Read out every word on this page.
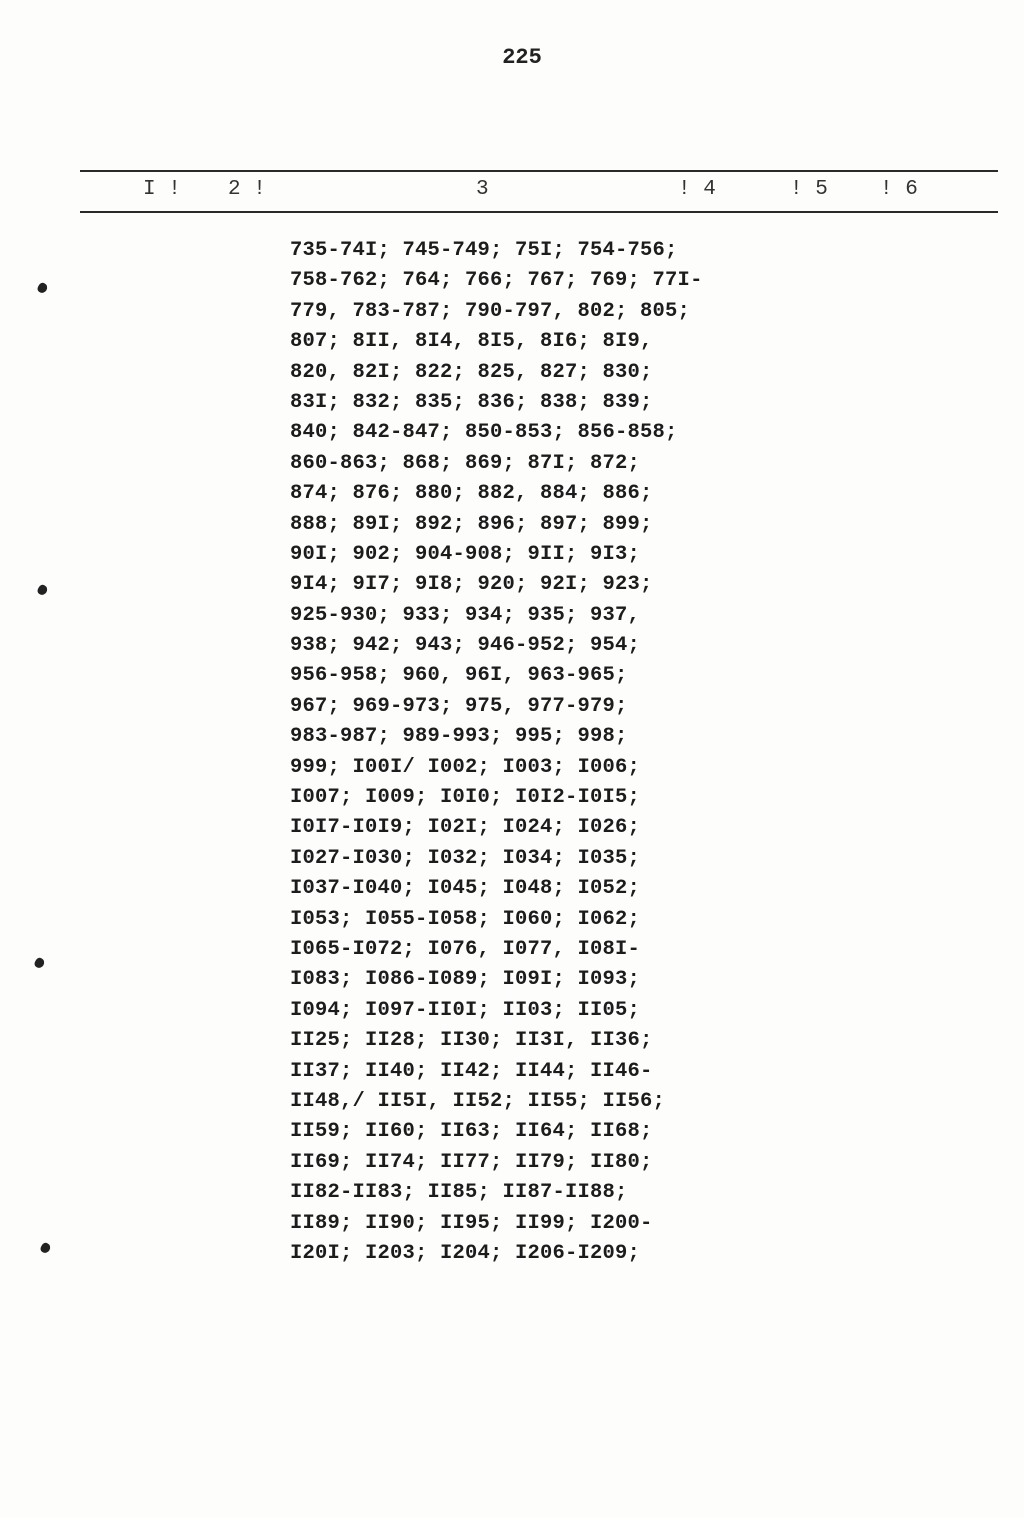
225
I ! 2 !	3	! 4	! 5 ! 6
735-74I; 745-749; 75I; 754-756;
758-762; 764; 766; 767; 769; 77I-
779, 783-787; 790-797, 802; 805;
807; 8II, 8I4, 8I5, 8I6; 8I9,
820, 82I; 822; 825, 827; 830;
83I; 832; 835; 836; 838; 839;
840; 842-847; 850-853; 856-858;
860-863; 868; 869; 87I; 872;
874; 876; 880; 882, 884; 886;
888; 89I; 892; 896; 897; 899;
90I; 902; 904-908; 9II; 9I3;
9I4; 9I7; 9I8; 920; 92I; 923;
925-930; 933; 934; 935; 937,
938; 942; 943; 946-952; 954;
956-958; 960, 96I, 963-965;
967; 969-973; 975, 977-979;
983-987; 989-993; 995; 998;
999; I00I/ I002; I003; I006;
I007; I009; I0I0; I0I2-I0I5;
I0I7-I0I9; I02I; I024; I026;
I027-I030; I032; I034; I035;
I037-I040; I045; I048; I052;
I053; I055-I058; I060; I062;
I065-I072; I076, I077, I08I-
I083; I086-I089; I09I; I093;
I094; I097-II0I; II03; II05;
II25; II28; II30; II3I, II36;
II37; II40; II42; II44; II46-
II48,/ II5I, II52; II55; II56;
II59; II60; II63; II64; II68;
II69; II74; II77; II79; II80;
II82-II83; II85; II87-II88;
II89; II90; II95; II99; I200-
I20I; I203; I204; I206-I209;
